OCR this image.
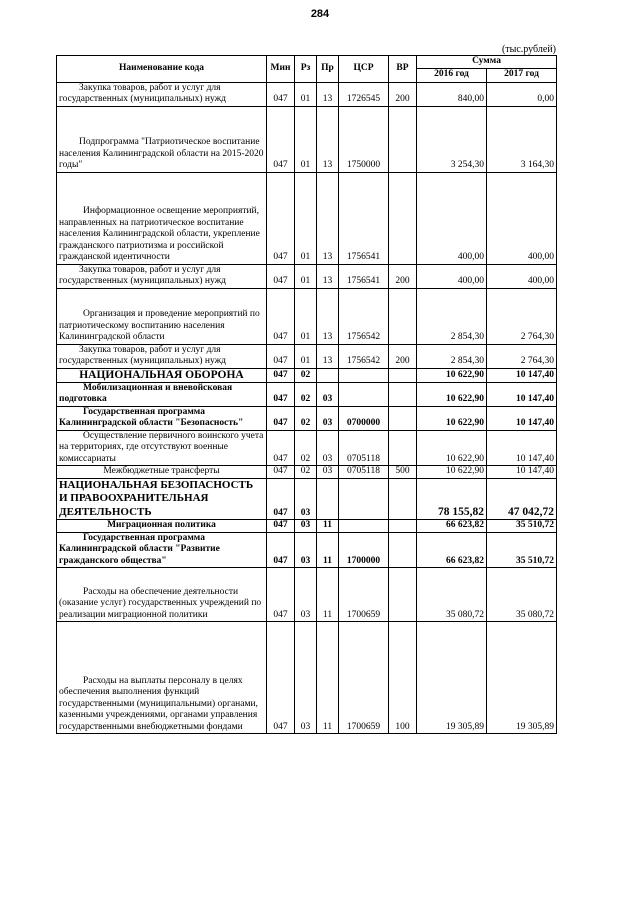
284
(тыс.рублей)
Наименование кода	Мин	Рз	Пр	ЦСР	ВР	Сумма	
						2016 год	2017 год

Закупка товаров, работ и услуг для государственных (муниципальных) нужд	047	01	13	1726545	200	840,00	0,00

Подпрограмма "Патриотическое воспитание населения Калининградской области на 2015-2020 годы"	047	01	13	1750000		3 254,30	3 164,30

Информационное освещение мероприятий, направленных на патриотическое воспитание населения Калининградской области, укрепление гражданского патриотизма и российской гражданской идентичности	047	01	13	1756541		400,00	400,00

Закупка товаров, работ и услуг для государственных (муниципальных) нужд	047	01	13	1756541	200	400,00	400,00

Организация и проведение мероприятий по патриотическому воспитанию населения Калининградской области	047	01	13	1756542		2 854,30	2 764,30

Закупка товаров, работ и услуг для государственных (муниципальных) нужд	047	01	13	1756542	200	2 854,30	2 764,30

НАЦИОНАЛЬНАЯ ОБОРОНА	047	02				10 622,90	10 147,40

Мобилизационная и вневойсковая подготовка	047	02	03			10 622,90	10 147,40

Государственная программа Калининградской области "Безопасность"	047	02	03	0700000		10 622,90	10 147,40

Осуществление первичного воинского учета на территориях, где отсутствуют военные комиссариаты	047	02	03	0705118		10 622,90	10 147,40

Межбюджетные трансферты	047	02	03	0705118	500	10 622,90	10 147,40

НАЦИОНАЛЬНАЯ БЕЗОПАСНОСТЬ И ПРАВООХРАНИТЕЛЬНАЯ ДЕЯТЕЛЬНОСТЬ	047	03				78 155,82	47 042,72

Миграционная политика	047	03	11			66 623,82	35 510,72

Государственная программа Калининградской области "Развитие гражданского общества"	047	03	11	1700000		66 623,82	35 510,72

Расходы на обеспечение деятельности (оказание услуг) государственных учреждений по реализации миграционной политики	047	03	11	1700659		35 080,72	35 080,72

Расходы на выплаты персоналу в целях обеспечения выполнения функций государственными (муниципальными) органами, казенными учреждениями, органами управления государственными внебюджетными фондами	047	03	11	1700659	100	19 305,89	19 305,89
